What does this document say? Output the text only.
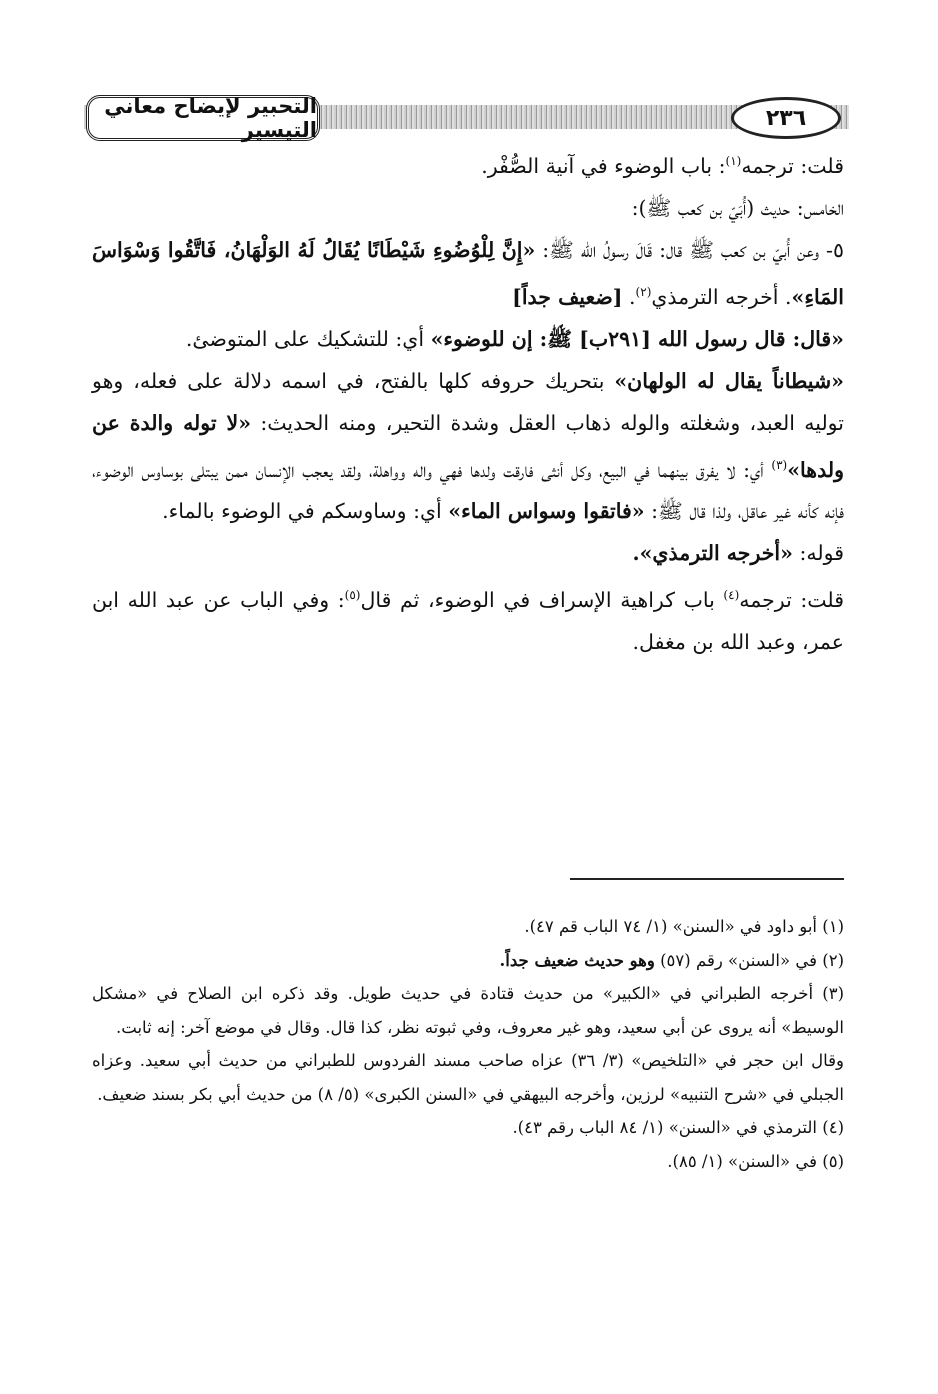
التحبير لإيضاح معاني التيسير	٢٣٦

قلت: ترجمه$^{(١)}$: باب الوضوء في آنية الصُّفْر.

الخامس: حديث (أُبَيّ بن كعب ﷺ):

٥- وعن أُبيّ بن كعب ﷺ قال: قَالَ رسولُ الله ﷺ: «إِنَّ لِلْوُضُوءِ شَيْطَانًا يُقَالُ لَهُ الوَلْهَانُ، فَاتَّقُوا وَسْوَاسَ المَاءِ». أخرجه الترمذي$^{(٢)}$. [ضعيف جداً]

«قال: قال رسول الله [٢٩١ب] ﷺ: إن للوضوء» أي: للتشكيك على المتوضئ.

«شيطاناً يقال له الولهان» بتحريك حروفه كلها بالفتح، في اسمه دلالة على فعله، وهو توليه العبد، وشغلته والوله ذهاب العقل وشدة التحير، ومنه الحديث: «لا توله والدة عن ولدها»$^{(٣)}$ أي: لا يفرق بينهما في البيع، وكل أنثى فارقت ولدها فهي واله وواهلة، ولقد يعجب الإنسان ممن يبتلى بوساوس الوضوء، فإنه كأنه غير عاقل، ولذا قال ﷺ: «فاتقوا وسواس الماء» أي: وساوسكم في الوضوء بالماء.

قوله: «أخرجه الترمذي».

قلت: ترجمه$^{(٤)}$ باب كراهية الإسراف في الوضوء، ثم قال$^{(٥)}$: وفي الباب عن عبد الله ابن عمر، وعبد الله بن مغفل.

(١) أبو داود في «السنن» (١/ ٧٤ الباب قم ٤٧).

(٢) في «السنن» رقم (٥٧) وهو حديث ضعيف جداً.

(٣) أخرجه الطبراني في «الكبير» من حديث قتادة في حديث طويل. وقد ذكره ابن الصلاح في «مشكل الوسيط» أنه يروى عن أبي سعيد، وهو غير معروف، وفي ثبوته نظر، كذا قال. وقال في موضع آخر: إنه ثابت.

وقال ابن حجر في «التلخيص» (٣/ ٣٦) عزاه صاحب مسند الفردوس للطبراني من حديث أبي سعيد. وعزاه الجبلي في «شرح التنبيه» لرزين، وأخرجه البيهقي في «السنن الكبرى» (٥/ ٨) من حديث أبي بكر بسند ضعيف.

(٤) الترمذي في «السنن» (١/ ٨٤ الباب رقم ٤٣).

(٥) في «السنن» (١/ ٨٥).
